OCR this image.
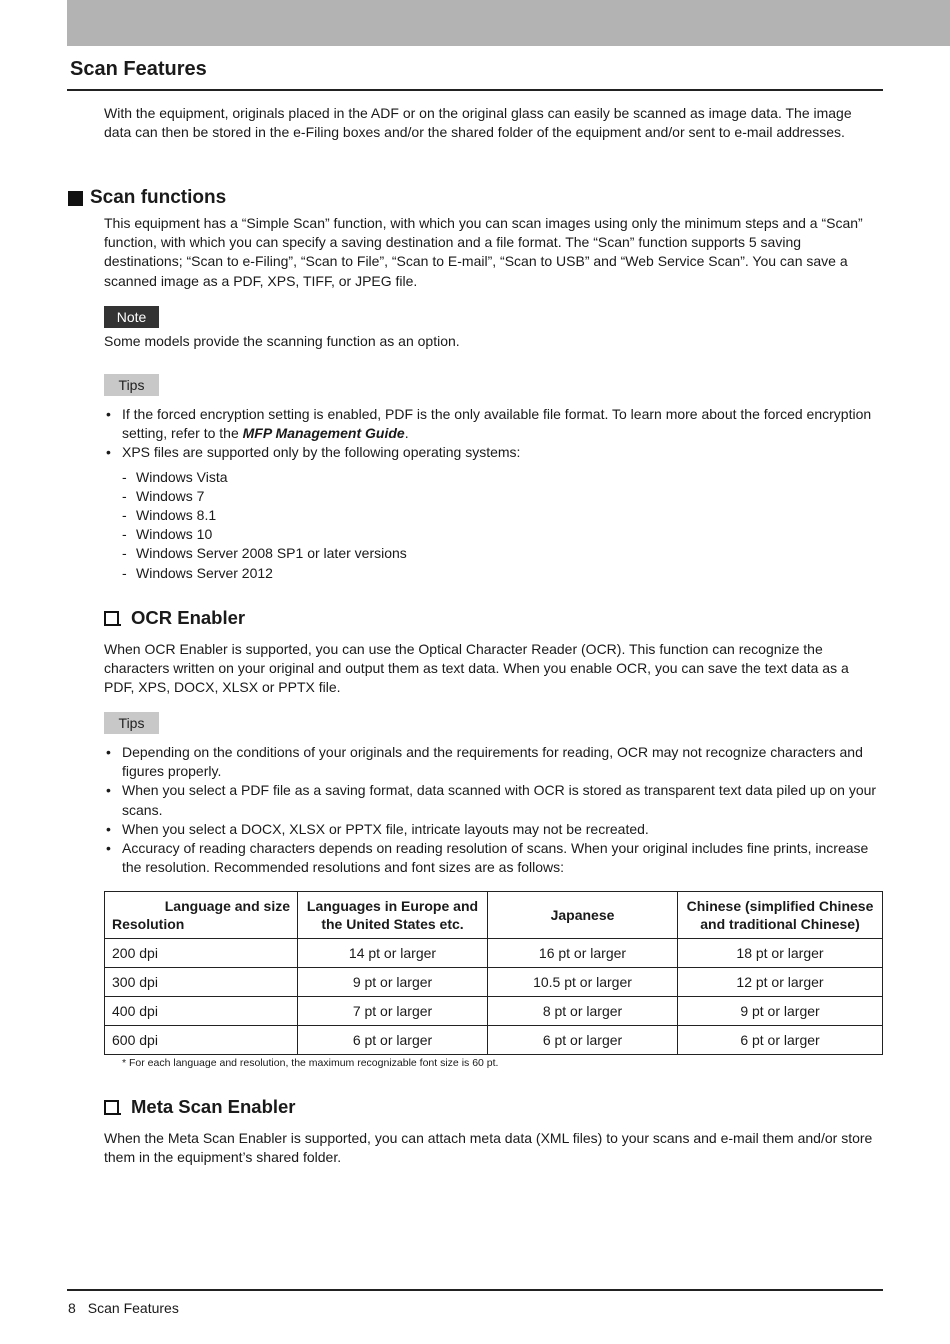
Scan Features

With the equipment, originals placed in the ADF or on the original glass can easily be scanned as image data. The image data can then be stored in the e-Filing boxes and/or the shared folder of the equipment and/or sent to e-mail addresses.

Scan functions

This equipment has a “Simple Scan” function, with which you can scan images using only the minimum steps and a “Scan” function, with which you can specify a saving destination and a file format. The “Scan” function supports 5 saving destinations; “Scan to e-Filing”, “Scan to File”, “Scan to E-mail”, “Scan to USB” and “Web Service Scan”. You can save a scanned image as a PDF, XPS, TIFF, or JPEG file.

Note

Some models provide the scanning function as an option.

Tips
• If the forced encryption setting is enabled, PDF is the only available file format. To learn more about the forced encryption setting, refer to the MFP Management Guide.
• XPS files are supported only by the following operating systems:
- Windows Vista
- Windows 7
- Windows 8.1
- Windows 10
- Windows Server 2008 SP1 or later versions
- Windows Server 2012
OCR Enabler

When OCR Enabler is supported, you can use the Optical Character Reader (OCR). This function can recognize the characters written on your original and output them as text data. When you enable OCR, you can save the text data as a PDF, XPS, DOCX, XLSX or PPTX file.

Tips
• Depending on the conditions of your originals and the requirements for reading, OCR may not recognize characters and figures properly.
• When you select a PDF file as a saving format, data scanned with OCR is stored as transparent text data piled up on your scans.
• When you select a DOCX, XLSX or PPTX file, intricate layouts may not be recreated.
• Accuracy of reading characters depends on reading resolution of scans. When your original includes fine prints, increase the resolution. Recommended resolutions and font sizes are as follows:
Language and size
Resolution	Languages in Europe and the United States etc.	Japanese	Chinese (simplified Chinese and traditional Chinese)
200 dpi	14 pt or larger	16 pt or larger	18 pt or larger
300 dpi	9 pt or larger	10.5 pt or larger	12 pt or larger
400 dpi	7 pt or larger	8 pt or larger	9 pt or larger
600 dpi	6 pt or larger	6 pt or larger	6 pt or larger
* For each language and resolution, the maximum recognizable font size is 60 pt.
Meta Scan Enabler

When the Meta Scan Enabler is supported, you can attach meta data (XML files) to your scans and e-mail them and/or store them in the equipment’s shared folder.

8 Scan Features
